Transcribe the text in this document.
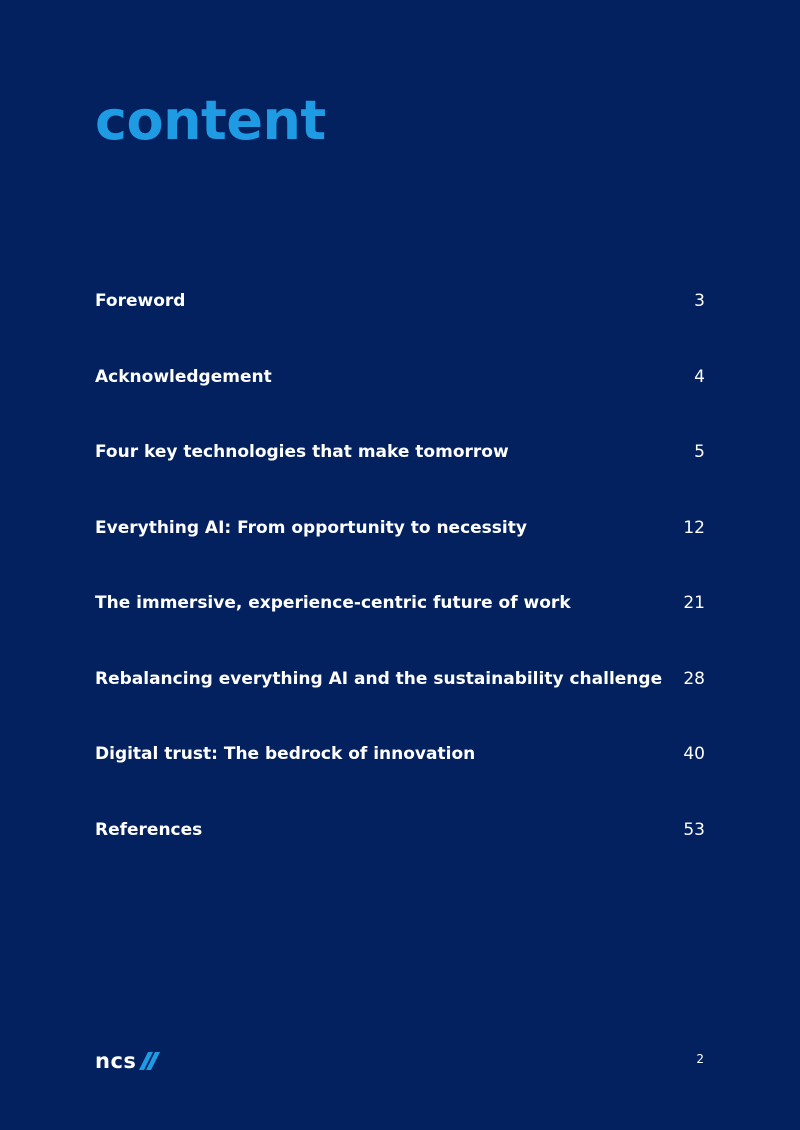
content
Foreword	3
Acknowledgement	4
Four key technologies that make tomorrow	5
Everything AI: From opportunity to necessity	12
The immersive, experience-centric future of work	21
Rebalancing everything AI and the sustainability challenge 28
Digital trust: The bedrock of innovation	40
References	53
ncs	2
